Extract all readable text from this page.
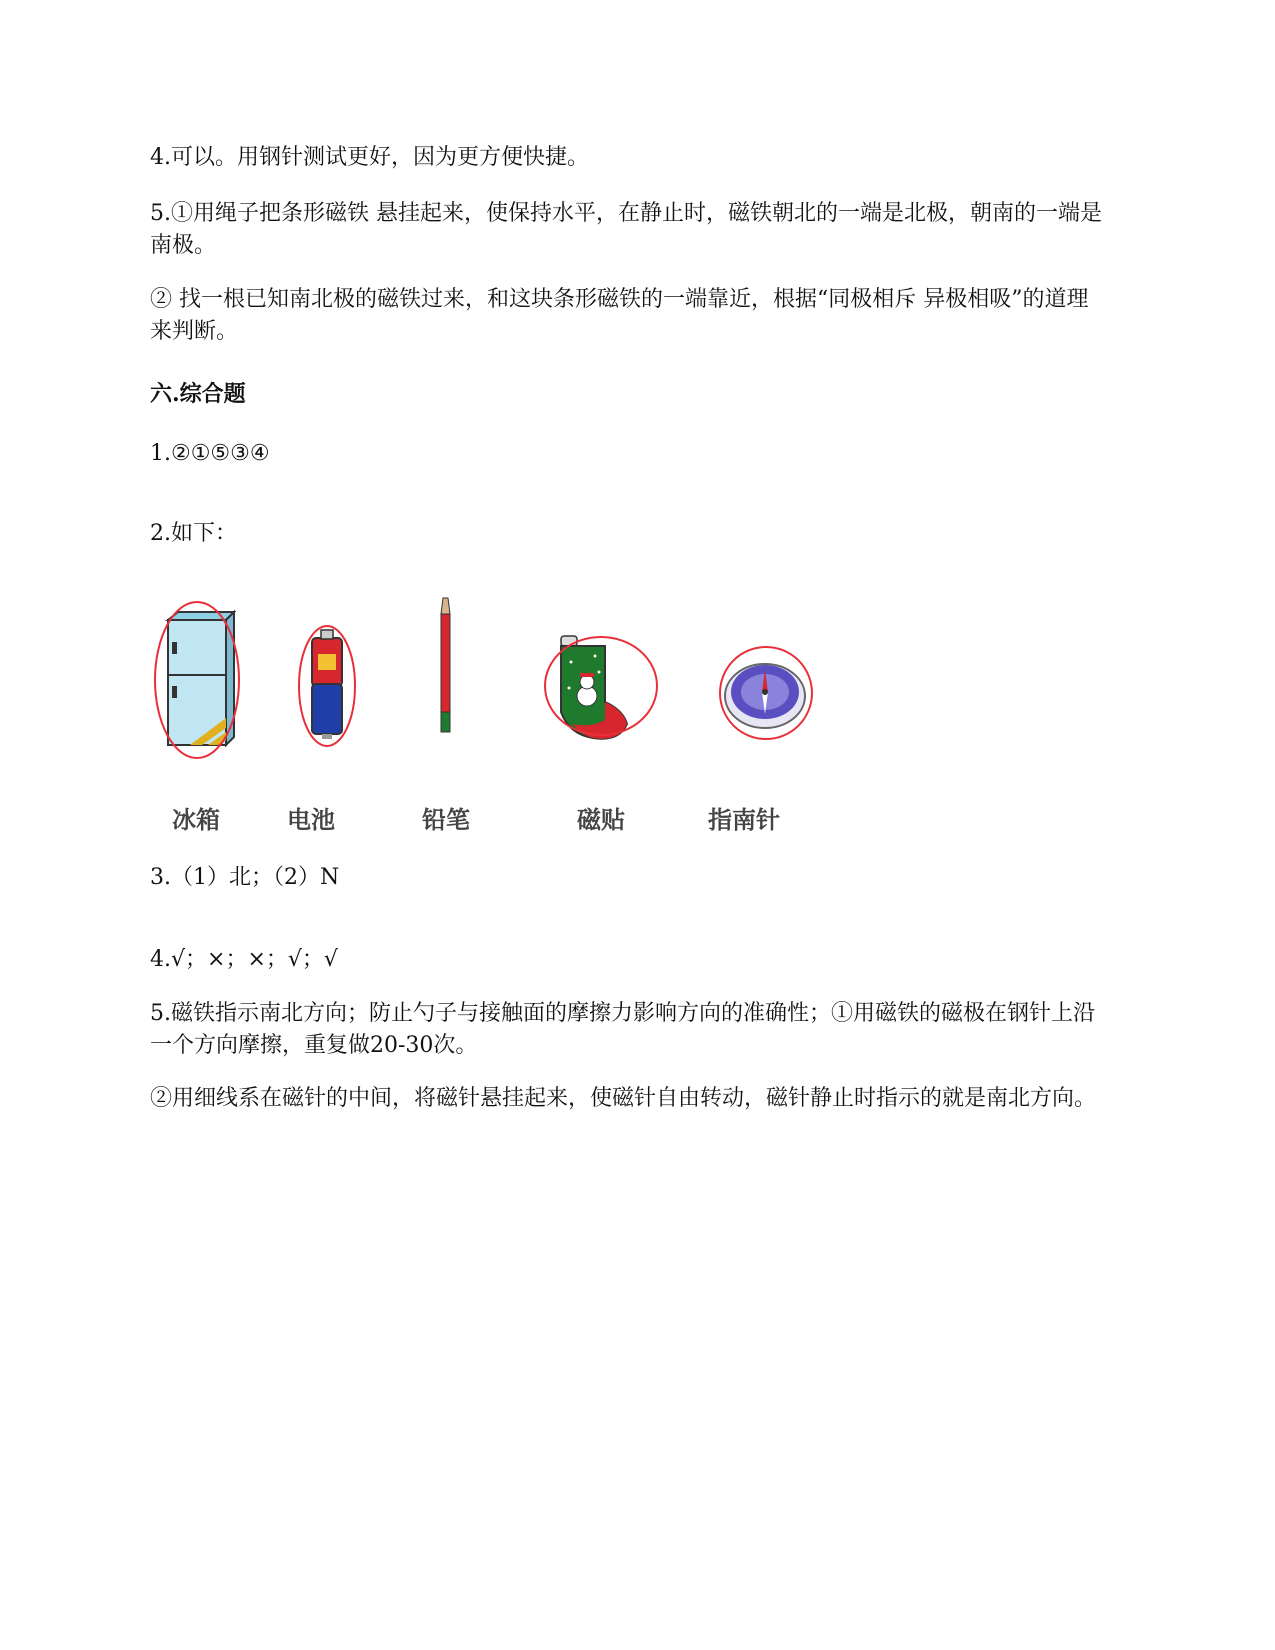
4.可以。用钢针测试更好，因为更方便快捷。
5.①用绳子把条形磁铁 悬挂起来，使保持水平，在静止时，磁铁朝北的一端是北极，朝南的一端是南极。
② 找一根已知南北极的磁铁过来，和这块条形磁铁的一端靠近，根据“同极相斥 异极相吸”的道理来判断。
六.综合题
1.②①⑤③④
2.如下：
冰箱	电池	铅笔	磁贴	指南针
3.（1）北；（2）N
4.√；×；×；√；√
5.磁铁指示南北方向；防止勺子与接触面的摩擦力影响方向的准确性；①用磁铁的磁极在钢针上沿一个方向摩擦，重复做20-30次。
②用细线系在磁针的中间，将磁针悬挂起来，使磁针自由转动，磁针静止时指示的就是南北方向。
